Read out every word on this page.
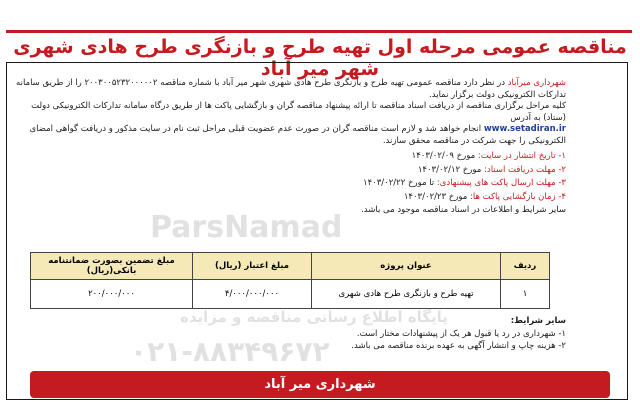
مناقصه عمومی مرحله اول تهیه طرح و بازنگری طرح هادی شهری شهر میر آباد

شهرداری میرآباد در نظر دارد مناقصه عمومی تهیه طرح و بازنگری طرح هادی شهری شهر میر آباد با شماره مناقصه ۲۰۰۳۰۰۵۲۳۲۰۰۰۰۰۲ را از طریق سامانه تدارکات الکترونیکی دولت برگزار نماید.

کلیه مراحل برگزاری مناقصه از دریافت اسناد مناقصه تا ارائه پیشنهاد مناقصه گران و بازگشایی پاکت ها از طریق درگاه سامانه تدارکات الکترونیکی دولت (ستاد) به آدرس

www.setadiran.ir انجام خواهد شد و لازم است مناقصه گران در صورت عدم عضویت قبلی مراحل ثبت نام در سایت مذکور و دریافت گواهی امضای الکترونیکی را جهت شرکت در مناقصه محقق سازند.

۱- تاریخ انتشار در سایت: مورخ ۱۴۰۳/۰۲/۰۹
۲- مهلت دریافت اسناد: مورخ ۱۴۰۳/۰۲/۱۲
۳- مهلت ارسال پاکت های پیشنهادی: تا مورخ ۱۴۰۳/۰۲/۲۲
۴- زمان بازگشایی پاکت ها: مورخ ۱۴۰۳/۰۲/۲۳

سایر شرایط و اطلاعات در اسناد مناقصه موجود می باشد.

ParsNamad
ردیف	عنوان پروژه	مبلغ اعتبار (ریال)	مبلغ تضمین بصورت ضمانتنامه بانکی(ریال)
۱	تهیه طرح و بازنگری طرح هادی شهری	۴/۰۰۰/۰۰۰/۰۰۰	۲۰۰/۰۰۰/۰۰۰
پایگاه اطلاع رسانی مناقصه و مزایده
۰۲۱-۸۸۳۴۹۶۷۲
سایر شرایط:
۱- شهرداری در رد یا قبول هر یک از پیشنهادات مختار است.
۲- هزینه چاپ و انتشار آگهی به عهده برنده مناقصه می باشد.
شهرداری میر آباد
